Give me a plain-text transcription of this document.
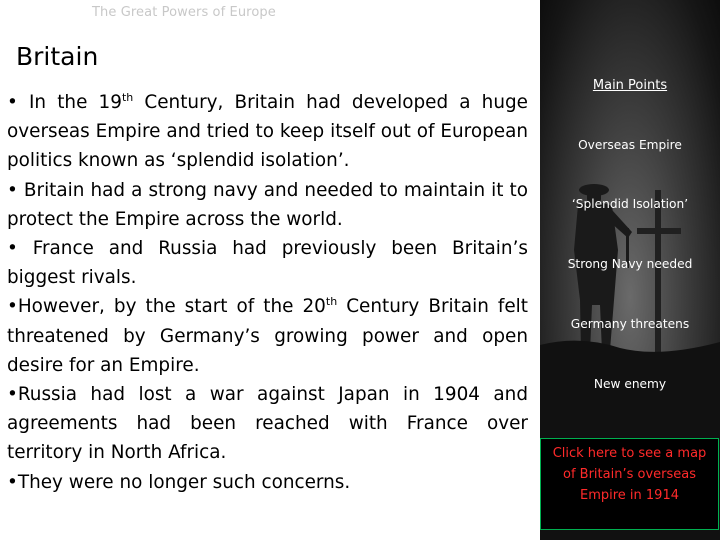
The Great Powers of Europe
Britain

• In the 19th Century, Britain had developed a huge overseas Empire and tried to keep itself out of European politics known as ‘splendid isolation’.

• Britain had a strong navy and needed to maintain it to protect the Empire across the world.

• France and Russia had previously been Britain’s biggest rivals.

•However, by the start of the 20th Century Britain felt threatened by Germany’s growing power and open desire for an Empire.

•Russia had lost a war against Japan in 1904 and agreements had been reached with France over territory in North Africa.

•They were no longer such concerns.

Main Points
Overseas Empire
‘Splendid Isolation’
Strong Navy needed
Germany threatens
New enemy
Click here to see a map
of Britain’s overseas
Empire in 1914
